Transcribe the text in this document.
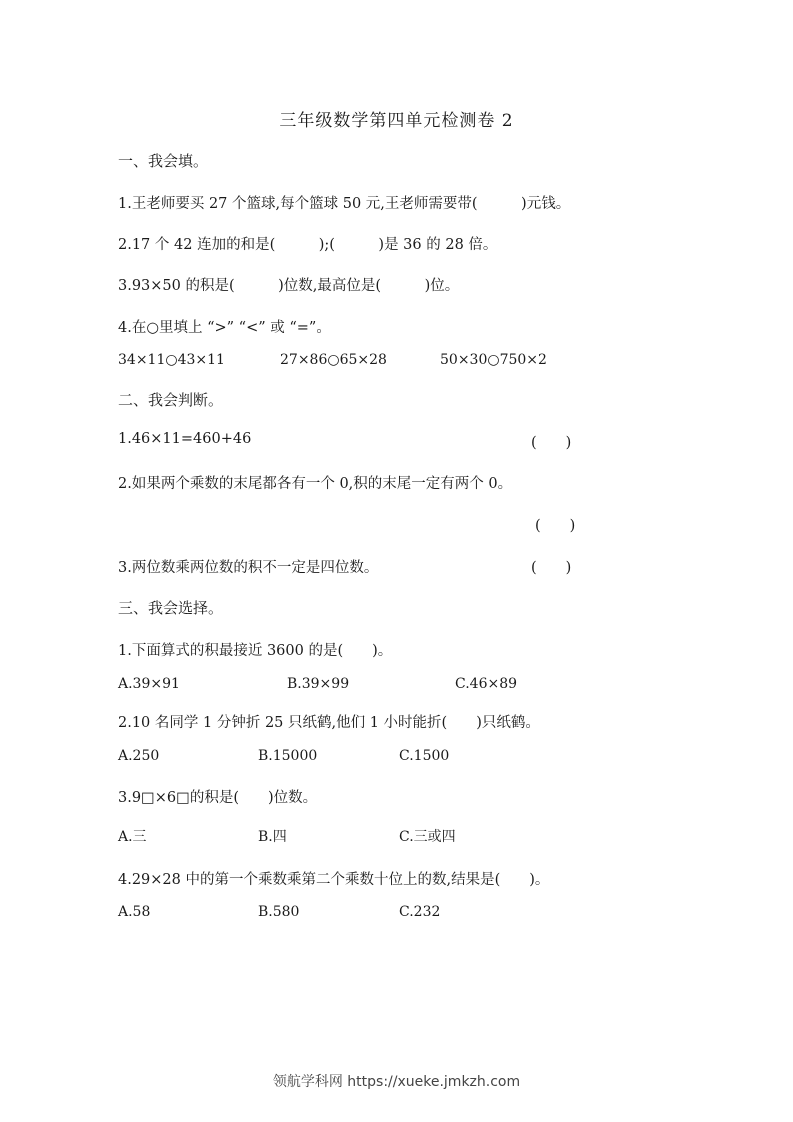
三年级数学第四单元检测卷 2
一、我会填。
1.王老师要买 27 个篮球,每个篮球 50 元,王老师需要带(　　　)元钱。
2.17 个 42 连加的和是(　　　);(　　　)是 36 的 28 倍。
3.93×50 的积是(　　　)位数,最高位是(　　　)位。
4.在○里填上 “>” “<” 或 “=”。
34×11○43×11	27×86○65×28	50×30○750×2
二、我会判断。
1.46×11=460+46	(　　)
2.如果两个乘数的末尾都各有一个 0,积的末尾一定有两个 0。
(　　)
3.两位数乘两位数的积不一定是四位数。	(　　)
三、我会选择。
1.下面算式的积最接近 3600 的是(　　)。
A.39×91	B.39×99	C.46×89
2.10 名同学 1 分钟折 25 只纸鹤,他们 1 小时能折(　　)只纸鹤。
A.250	B.15000	C.1500
3.9□×6□的积是(　　)位数。
A.三	B.四	C.三或四
4.29×28 中的第一个乘数乘第二个乘数十位上的数,结果是(　　)。
A.58	B.580	C.232
领航学科网 https://xueke.jmkzh.com
